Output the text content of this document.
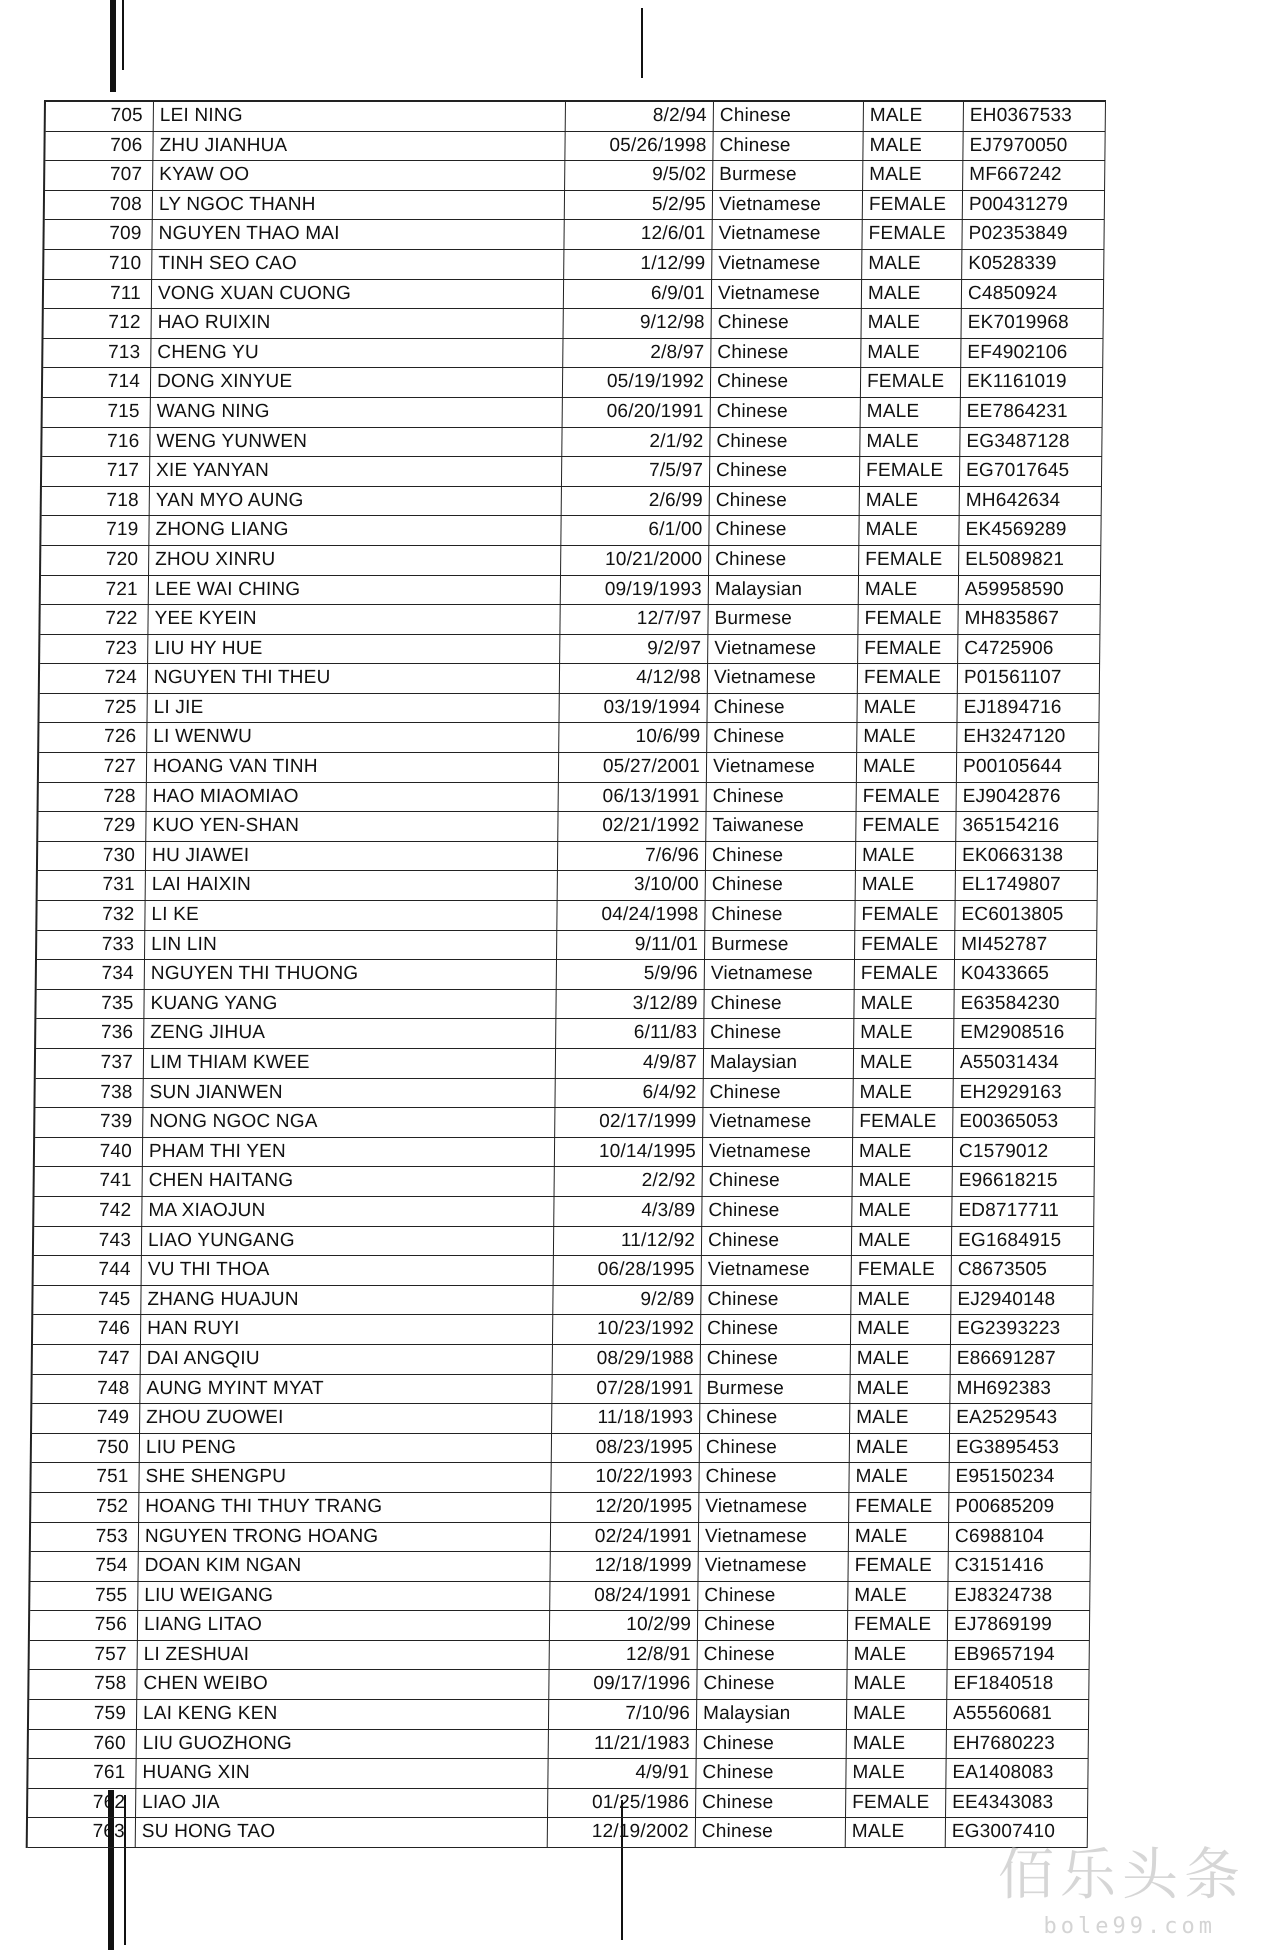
705 LEI NING	8/2/94 Chinese	MALE	EH0367533
706 ZHU JIANHUA	05/26/1998 Chinese	MALE	EJ7970050
707 KYAW OO	9/5/02 Burmese	MALE	MF667242
708 LY NGOC THANH	5/2/95 Vietnamese	FEMALE	P00431279
709 NGUYEN THAO MAI	12/6/01 Vietnamese	FEMALE	P02353849
710 TINH SEO CAO	1/12/99 Vietnamese	MALE	K0528339
711 VONG XUAN CUONG	6/9/01 Vietnamese	MALE	C4850924
712 HAO RUIXIN	9/12/98 Chinese	MALE	EK7019968
713 CHENG YU	2/8/97 Chinese	MALE	EF4902106
714 DONG XINYUE	05/19/1992 Chinese	FEMALE	EK1161019
715 WANG NING	06/20/1991 Chinese	MALE	EE7864231
716 WENG YUNWEN	2/1/92 Chinese	MALE	EG3487128
717 XIE YANYAN	7/5/97 Chinese	FEMALE	EG7017645
718 YAN MYO AUNG	2/6/99 Chinese	MALE	MH642634
719 ZHONG LIANG	6/1/00 Chinese	MALE	EK4569289
720 ZHOU XINRU	10/21/2000 Chinese	FEMALE	EL5089821
721 LEE WAI CHING	09/19/1993 Malaysian	MALE	A59958590
722 YEE KYEIN	12/7/97 Burmese	FEMALE	MH835867
723 LIU HY HUE	9/2/97 Vietnamese	FEMALE	C4725906
724 NGUYEN THI THEU	4/12/98 Vietnamese	FEMALE	P01561107
725 LI JIE	03/19/1994 Chinese	MALE	EJ1894716
726 LI WENWU	10/6/99 Chinese	MALE	EH3247120
727 HOANG VAN TINH	05/27/2001 Vietnamese	MALE	P00105644
728 HAO MIAOMIAO	06/13/1991 Chinese	FEMALE	EJ9042876
729 KUO YEN-SHAN	02/21/1992 Taiwanese	FEMALE	365154216
730 HU JIAWEI	7/6/96 Chinese	MALE	EK0663138
731 LAI HAIXIN	3/10/00 Chinese	MALE	EL1749807
732 LI KE	04/24/1998 Chinese	FEMALE	EC6013805
733 LIN LIN	9/11/01 Burmese	FEMALE	MI452787
734 NGUYEN THI THUONG	5/9/96 Vietnamese	FEMALE	K0433665
735 KUANG YANG	3/12/89 Chinese	MALE	E63584230
736 ZENG JIHUA	6/11/83 Chinese	MALE	EM2908516
737 LIM THIAM KWEE	4/9/87 Malaysian	MALE	A55031434
738 SUN JIANWEN	6/4/92 Chinese	MALE	EH2929163
739 NONG NGOC NGA	02/17/1999 Vietnamese	FEMALE	E00365053
740 PHAM THI YEN	10/14/1995 Vietnamese	MALE	C1579012
741 CHEN HAITANG	2/2/92 Chinese	MALE	E96618215
742 MA XIAOJUN	4/3/89 Chinese	MALE	ED8717711
743 LIAO YUNGANG	11/12/92 Chinese	MALE	EG1684915
744 VU THI THOA	06/28/1995 Vietnamese	FEMALE	C8673505
745 ZHANG HUAJUN	9/2/89 Chinese	MALE	EJ2940148
746 HAN RUYI	10/23/1992 Chinese	MALE	EG2393223
747 DAI ANGQIU	08/29/1988 Chinese	MALE	E86691287
748 AUNG MYINT MYAT	07/28/1991 Burmese	MALE	MH692383
749 ZHOU ZUOWEI	11/18/1993 Chinese	MALE	EA2529543
750 LIU PENG	08/23/1995 Chinese	MALE	EG3895453
751 SHE SHENGPU	10/22/1993 Chinese	MALE	E95150234
752 HOANG THI THUY TRANG	12/20/1995 Vietnamese	FEMALE	P00685209
753 NGUYEN TRONG HOANG	02/24/1991 Vietnamese	MALE	C6988104
754 DOAN KIM NGAN	12/18/1999 Vietnamese	FEMALE	C3151416
755 LIU WEIGANG	08/24/1991 Chinese	MALE	EJ8324738
756 LIANG LITAO	10/2/99 Chinese	FEMALE	EJ7869199
757 LI ZESHUAI	12/8/91 Chinese	MALE	EB9657194
758 CHEN WEIBO	09/17/1996 Chinese	MALE	EF1840518
759 LAI KENG KEN	7/10/96 Malaysian	MALE	A55560681
760 LIU GUOZHONG	11/21/1983 Chinese	MALE	EH7680223
761 HUANG XIN	4/9/91 Chinese	MALE	EA1408083
762 LIAO JIA	01/25/1986 Chinese	FEMALE	EE4343083
763 SU HONG TAO	12/19/2002 Chinese	MALE	EG3007410
佰乐头条
bole99.com
